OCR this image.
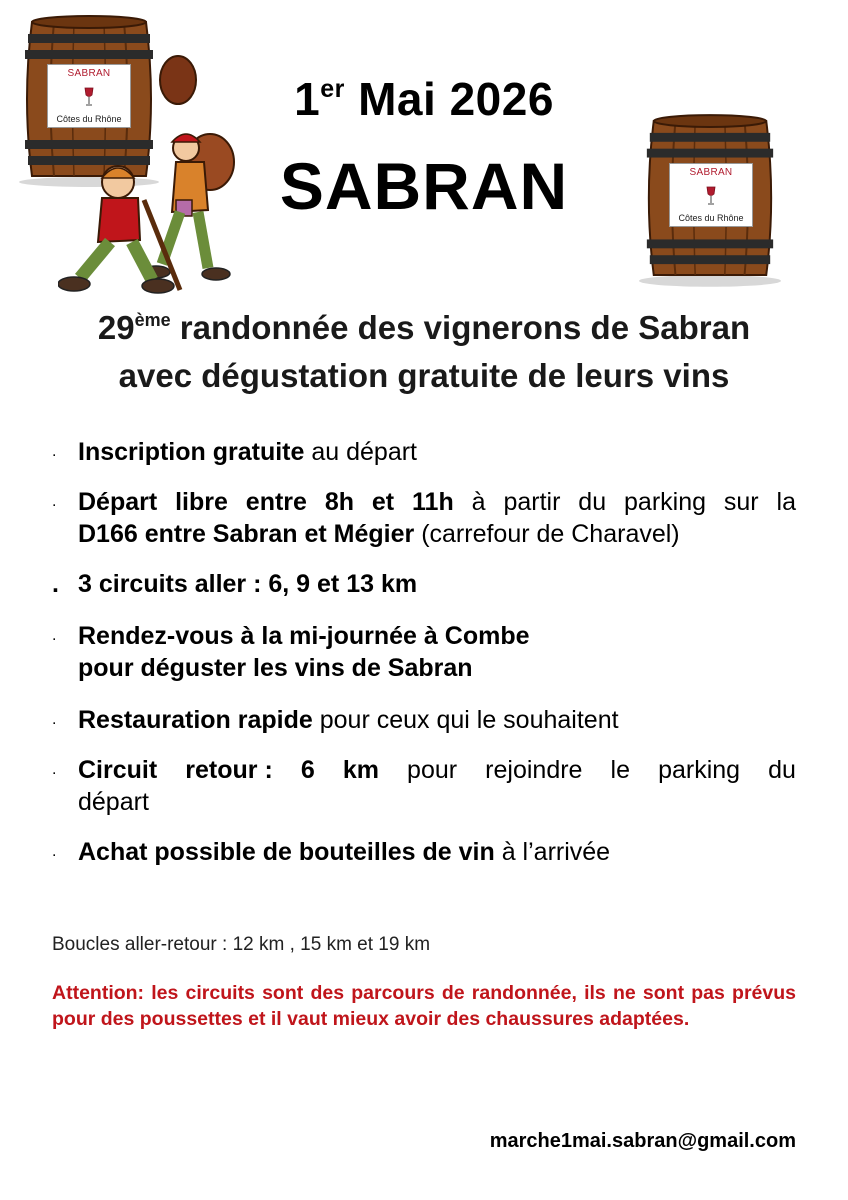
SABRAN
Côtes du Rhône
SABRAN
Côtes du Rhône
1er Mai 2026
SABRAN
29ème randonnée des vignerons de Sabran
avec dégustation gratuite de leurs vins
. Inscription gratuite au départ
. Départ libre entre 8h et 11h à partir du parking sur la
D166 entre Sabran et Mégier (carrefour de Charavel)
. 3 circuits aller : 6, 9 et 13 km
. Rendez-vous à la mi-journée à Combe
pour déguster les vins de Sabran
. Restauration rapide pour ceux qui le souhaitent
. Circuit retour : 6 km pour rejoindre le parking du
départ
. Achat possible de bouteilles de vin à l’arrivée
Boucles aller-retour : 12 km , 15 km et 19 km
Attention: les circuits sont des parcours de randonnée, ils ne sont pas prévus pour des poussettes et il vaut mieux avoir des chaussures adaptées.
marche1mai.sabran@gmail.com
